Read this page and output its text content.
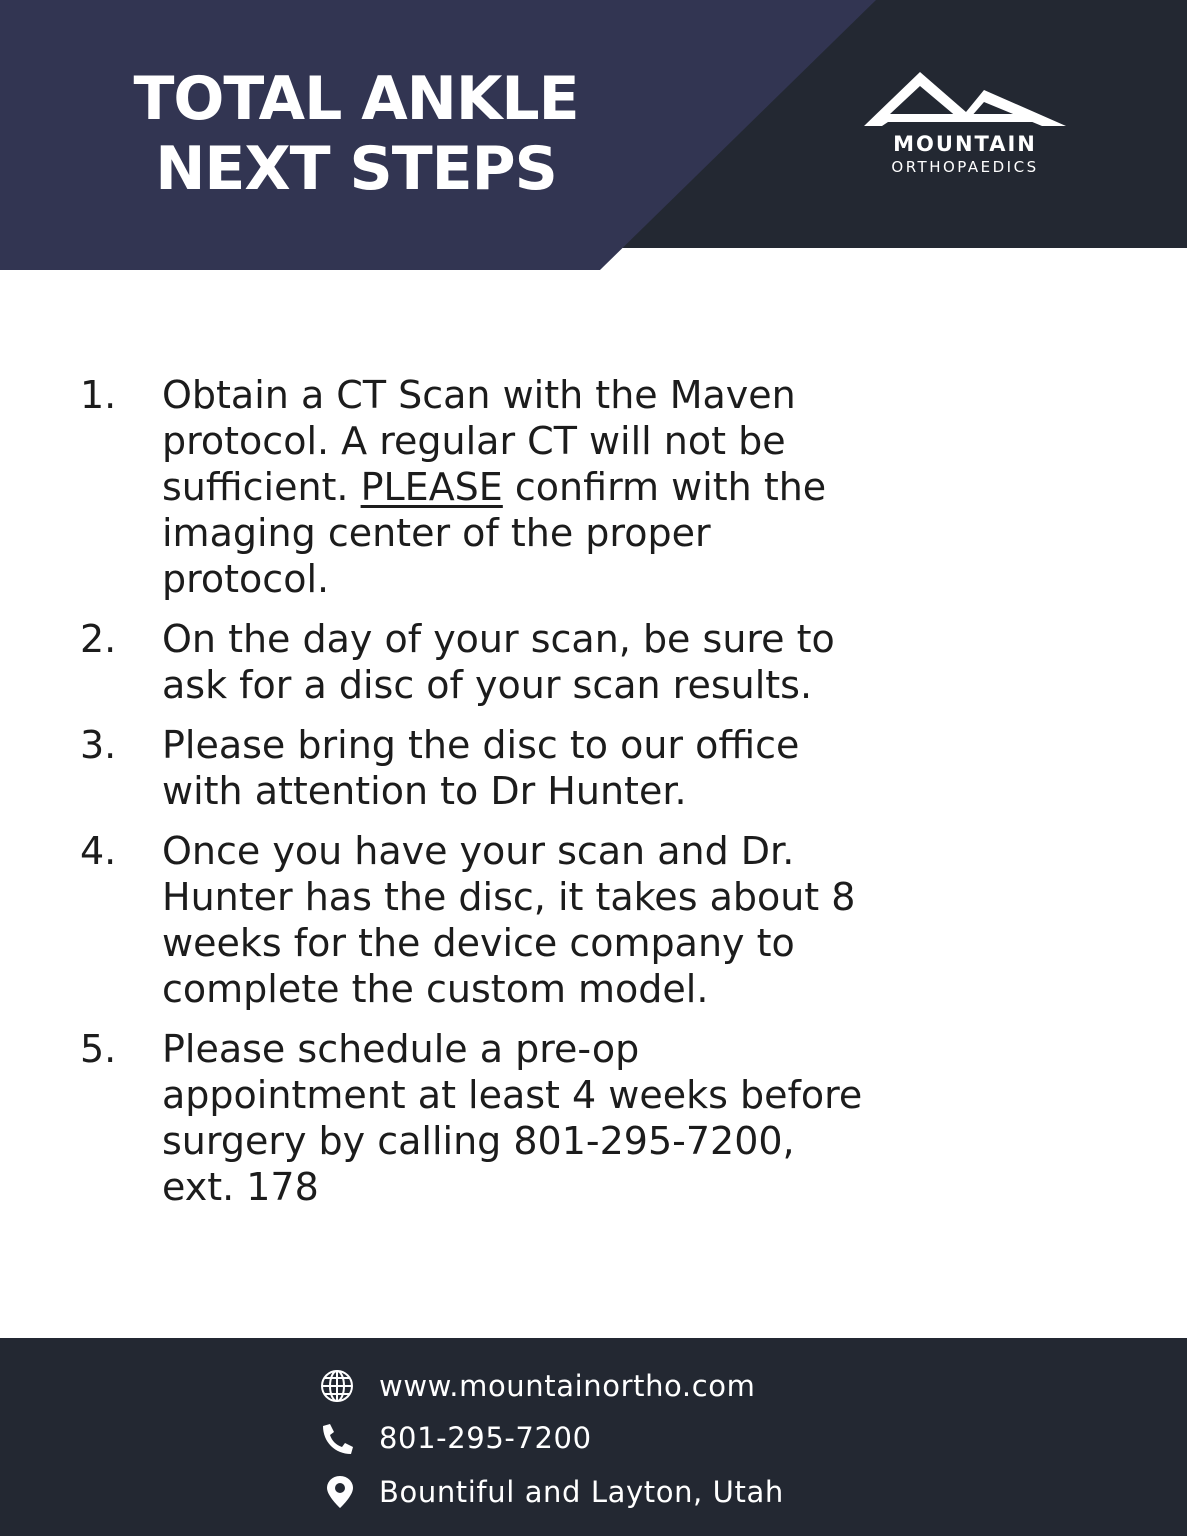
TOTAL ANKLE
NEXT STEPS	MOUNTAIN
ORTHOPAEDICS
1. Obtain a CT Scan with the Maven
protocol. A regular CT will not be
sufficient. PLEASE confirm with the
imaging center of the proper
protocol.
2. On the day of your scan, be sure to
ask for a disc of your scan results.
3. Please bring the disc to our office
with attention to Dr Hunter.
4. Once you have your scan and Dr.
Hunter has the disc, it takes about 8
weeks for the device company to
complete the custom model.
5. Please schedule a pre-op
appointment at least 4 weeks before
surgery by calling 801-295-7200,
ext. 178
www.mountainortho.com
801-295-7200
Bountiful and Layton, Utah
